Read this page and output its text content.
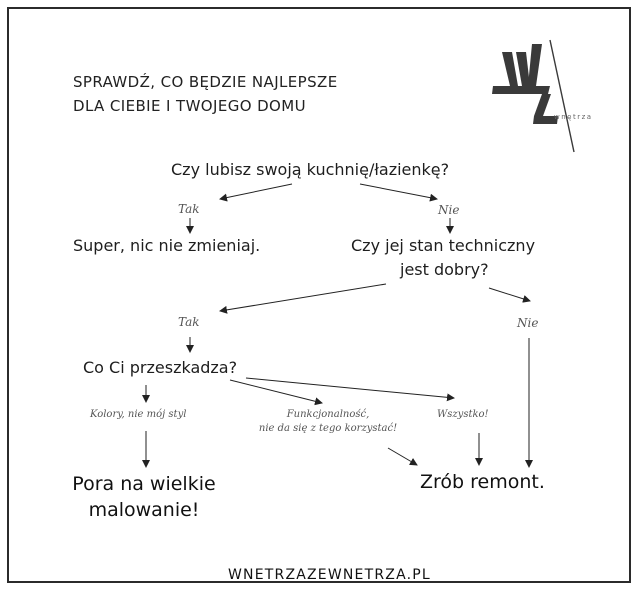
SPRAWDŹ, CO BĘDZIE NAJLEPSZE
DLA CIEBIE I TWOJEGO DOMU
wnętrza
Czy lubisz swoją kuchnię/łazienkę?
Tak	Nie
Super, nic nie zmieniaj.	Czy jej stan techniczny
jest dobry?
Tak	Nie
Co Ci przeszkadza?
Kolory, nie mój styl	Funkcjonalność,
nie da się z tego korzystać!
Wszystko!
Pora na wielkie
malowanie!
Zrób remont.
WNETRZAZEWNETRZA.PL
